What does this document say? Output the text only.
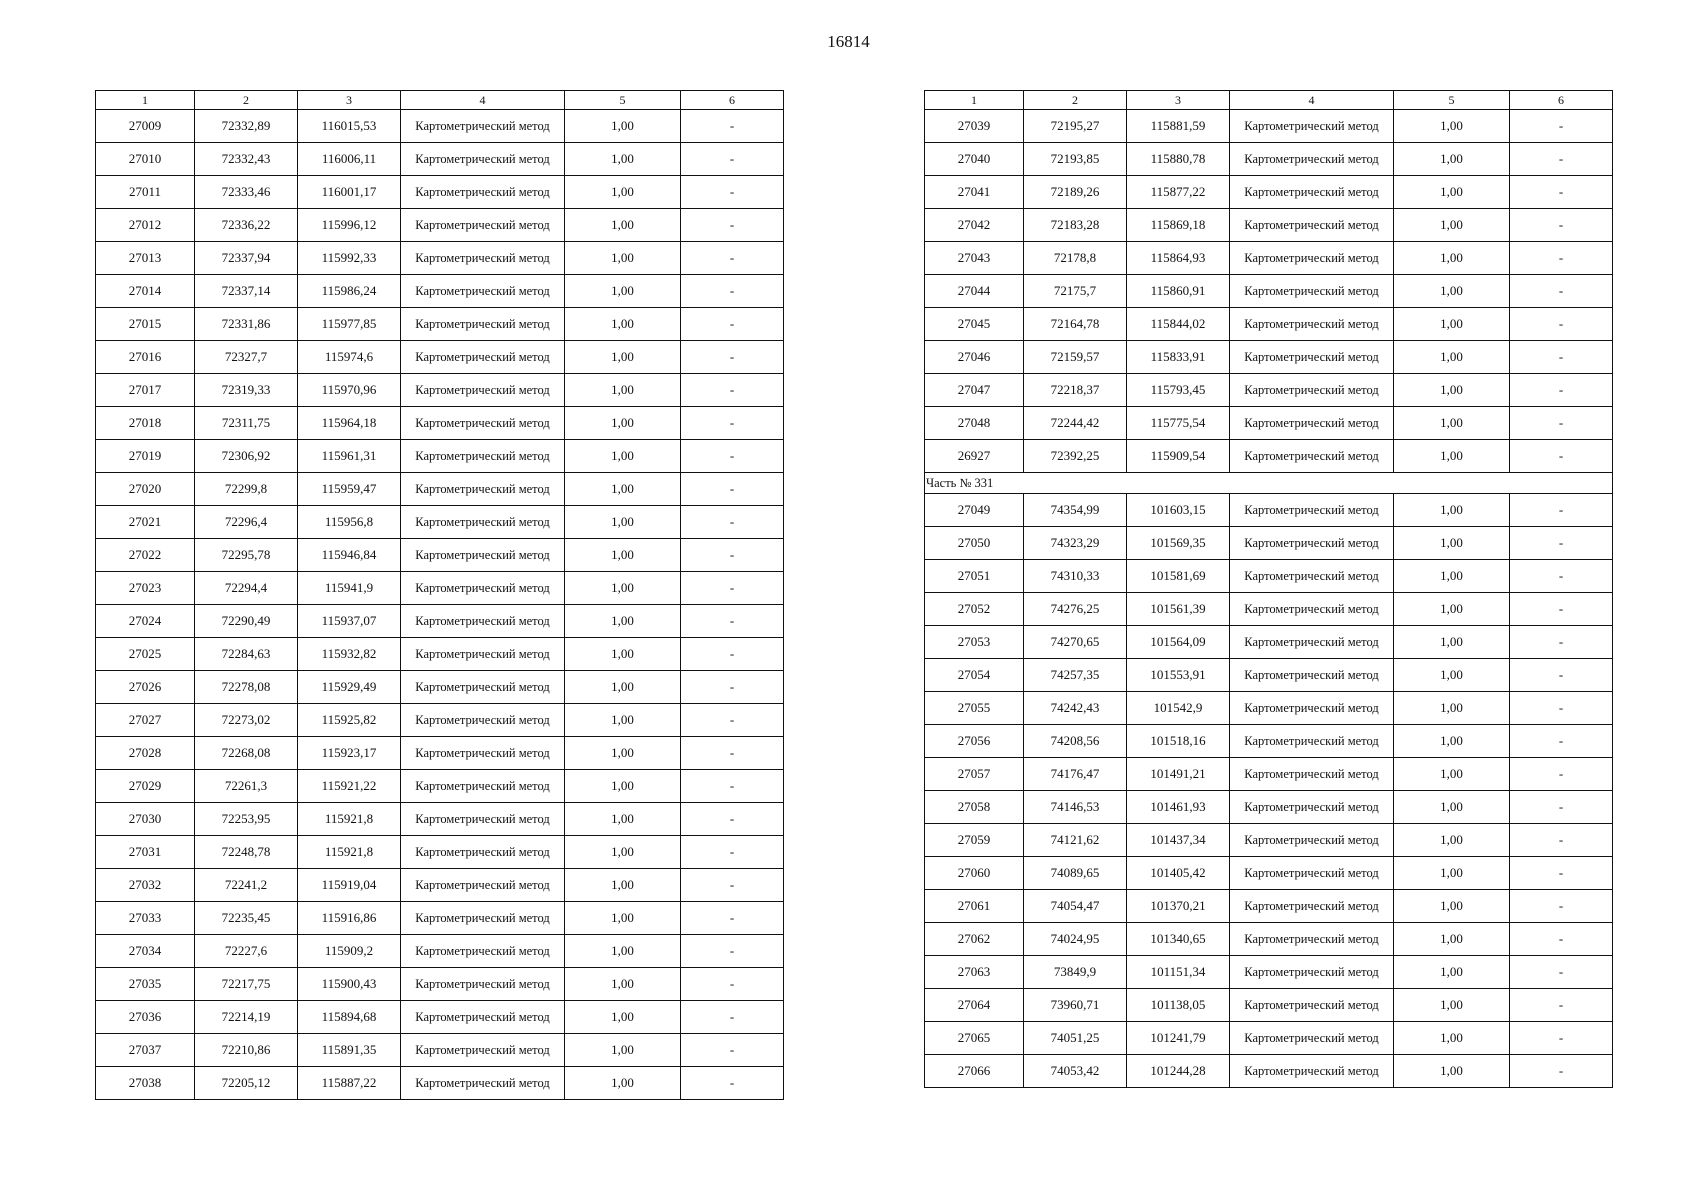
16814
1	2	3	4	5	6
27009	72332,89	116015,53	Картометрический метод	1,00	-
27010	72332,43	116006,11	Картометрический метод	1,00	-
27011	72333,46	116001,17	Картометрический метод	1,00	-
27012	72336,22	115996,12	Картометрический метод	1,00	-
27013	72337,94	115992,33	Картометрический метод	1,00	-
27014	72337,14	115986,24	Картометрический метод	1,00	-
27015	72331,86	115977,85	Картометрический метод	1,00	-
27016	72327,7	115974,6	Картометрический метод	1,00	-
27017	72319,33	115970,96	Картометрический метод	1,00	-
27018	72311,75	115964,18	Картометрический метод	1,00	-
27019	72306,92	115961,31	Картометрический метод	1,00	-
27020	72299,8	115959,47	Картометрический метод	1,00	-
27021	72296,4	115956,8	Картометрический метод	1,00	-
27022	72295,78	115946,84	Картометрический метод	1,00	-
27023	72294,4	115941,9	Картометрический метод	1,00	-
27024	72290,49	115937,07	Картометрический метод	1,00	-
27025	72284,63	115932,82	Картометрический метод	1,00	-
27026	72278,08	115929,49	Картометрический метод	1,00	-
27027	72273,02	115925,82	Картометрический метод	1,00	-
27028	72268,08	115923,17	Картометрический метод	1,00	-
27029	72261,3	115921,22	Картометрический метод	1,00	-
27030	72253,95	115921,8	Картометрический метод	1,00	-
27031	72248,78	115921,8	Картометрический метод	1,00	-
27032	72241,2	115919,04	Картометрический метод	1,00	-
27033	72235,45	115916,86	Картометрический метод	1,00	-
27034	72227,6	115909,2	Картометрический метод	1,00	-
27035	72217,75	115900,43	Картометрический метод	1,00	-
27036	72214,19	115894,68	Картометрический метод	1,00	-
27037	72210,86	115891,35	Картометрический метод	1,00	-
27038	72205,12	115887,22	Картометрический метод	1,00	-
1	2	3	4	5	6
27039	72195,27	115881,59	Картометрический метод	1,00	-
27040	72193,85	115880,78	Картометрический метод	1,00	-
27041	72189,26	115877,22	Картометрический метод	1,00	-
27042	72183,28	115869,18	Картометрический метод	1,00	-
27043	72178,8	115864,93	Картометрический метод	1,00	-
27044	72175,7	115860,91	Картометрический метод	1,00	-
27045	72164,78	115844,02	Картометрический метод	1,00	-
27046	72159,57	115833,91	Картометрический метод	1,00	-
27047	72218,37	115793,45	Картометрический метод	1,00	-
27048	72244,42	115775,54	Картометрический метод	1,00	-
26927	72392,25	115909,54	Картометрический метод	1,00	-
Часть № 331					
27049	74354,99	101603,15	Картометрический метод	1,00	-
27050	74323,29	101569,35	Картометрический метод	1,00	-
27051	74310,33	101581,69	Картометрический метод	1,00	-
27052	74276,25	101561,39	Картометрический метод	1,00	-
27053	74270,65	101564,09	Картометрический метод	1,00	-
27054	74257,35	101553,91	Картометрический метод	1,00	-
27055	74242,43	101542,9	Картометрический метод	1,00	-
27056	74208,56	101518,16	Картометрический метод	1,00	-
27057	74176,47	101491,21	Картометрический метод	1,00	-
27058	74146,53	101461,93	Картометрический метод	1,00	-
27059	74121,62	101437,34	Картометрический метод	1,00	-
27060	74089,65	101405,42	Картометрический метод	1,00	-
27061	74054,47	101370,21	Картометрический метод	1,00	-
27062	74024,95	101340,65	Картометрический метод	1,00	-
27063	73849,9	101151,34	Картометрический метод	1,00	-
27064	73960,71	101138,05	Картометрический метод	1,00	-
27065	74051,25	101241,79	Картометрический метод	1,00	-
27066	74053,42	101244,28	Картометрический метод	1,00	-
